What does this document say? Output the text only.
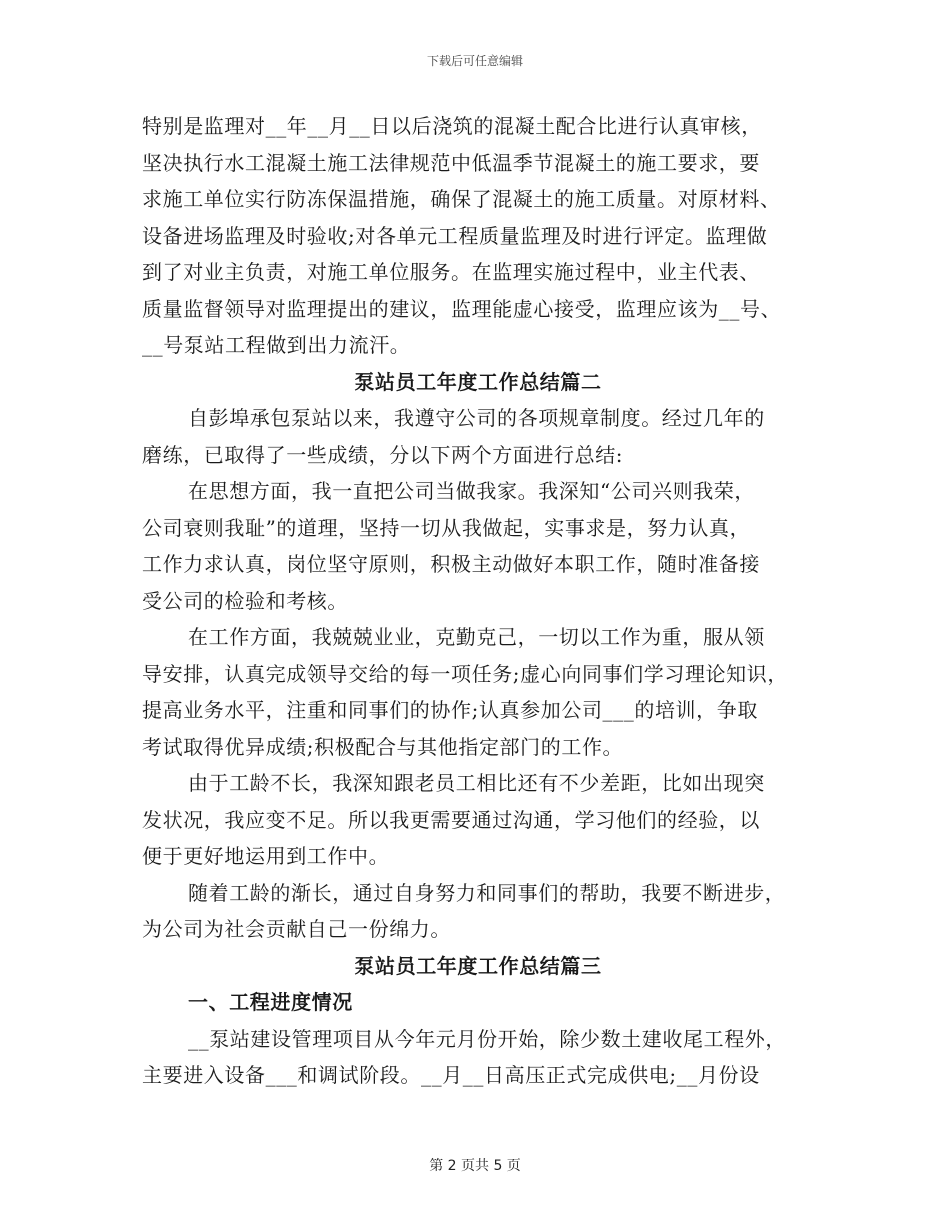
下载后可任意编辑
特别是监理对__年__月__日以后浇筑的混凝土配合比进行认真审核，
坚决执行水工混凝土施工法律规范中低温季节混凝土的施工要求，要
求施工单位实行防冻保温措施，确保了混凝土的施工质量。对原材料、
设备进场监理及时验收;对各单元工程质量监理及时进行评定。监理做
到了对业主负责，对施工单位服务。在监理实施过程中，业主代表、
质量监督领导对监理提出的建议，监理能虚心接受，监理应该为__号、
__号泵站工程做到出力流汗。
泵站员工年度工作总结篇二
自彭埠承包泵站以来，我遵守公司的各项规章制度。经过几年的
磨练，已取得了一些成绩，分以下两个方面进行总结:
在思想方面，我一直把公司当做我家。我深知“公司兴则我荣，
公司衰则我耻”的道理，坚持一切从我做起，实事求是，努力认真，
工作力求认真，岗位坚守原则，积极主动做好本职工作，随时准备接
受公司的检验和考核。
在工作方面，我兢兢业业，克勤克己，一切以工作为重，服从领
导安排，认真完成领导交给的每一项任务;虚心向同事们学习理论知识，
提高业务水平，注重和同事们的协作;认真参加公司___的培训，争取
考试取得优异成绩;积极配合与其他指定部门的工作。
由于工龄不长，我深知跟老员工相比还有不少差距，比如出现突
发状况，我应变不足。所以我更需要通过沟通，学习他们的经验，以
便于更好地运用到工作中。
随着工龄的渐长，通过自身努力和同事们的帮助，我要不断进步，
为公司为社会贡献自己一份绵力。
泵站员工年度工作总结篇三
一、工程进度情况
__泵站建设管理项目从今年元月份开始，除少数土建收尾工程外，
主要进入设备___和调试阶段。__月__日高压正式完成供电;__月份设
第 2 页共 5 页
